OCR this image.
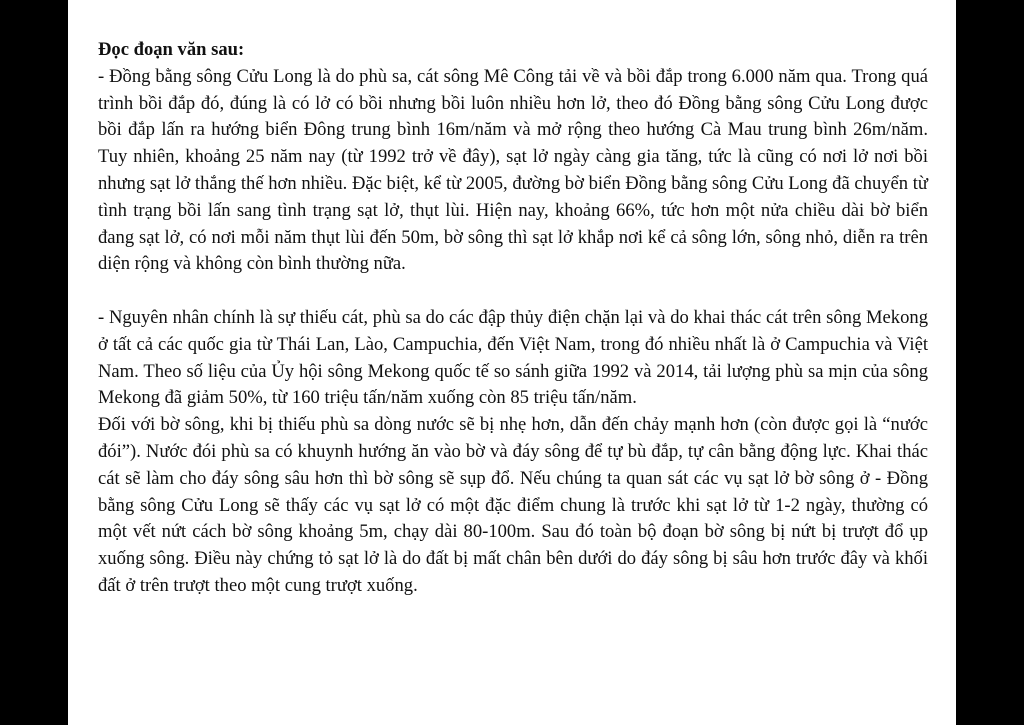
Đọc đoạn văn sau:

- Đồng bằng sông Cửu Long là do phù sa, cát sông Mê Công tải về và bồi đắp trong 6.000 năm qua. Trong quá trình bồi đắp đó, đúng là có lở có bồi nhưng bồi luôn nhiều hơn lở, theo đó Đồng bằng sông Cửu Long được bồi đắp lấn ra hướng biển Đông trung bình 16m/năm và mở rộng theo hướng Cà Mau trung bình 26m/năm. Tuy nhiên, khoảng 25 năm nay (từ 1992 trở về đây), sạt lở ngày càng gia tăng, tức là cũng có nơi lở nơi bồi nhưng sạt lở thắng thế hơn nhiều. Đặc biệt, kể từ 2005, đường bờ biển Đồng bằng sông Cửu Long đã chuyển từ tình trạng bồi lấn sang tình trạng sạt lở, thụt lùi. Hiện nay, khoảng 66%, tức hơn một nửa chiều dài bờ biển đang sạt lở, có nơi mỗi năm thụt lùi đến 50m, bờ sông thì sạt lở khắp nơi kể cả sông lớn, sông nhỏ, diễn ra trên diện rộng và không còn bình thường nữa.

- Nguyên nhân chính là sự thiếu cát, phù sa do các đập thủy điện chặn lại và do khai thác cát trên sông Mekong ở tất cả các quốc gia từ Thái Lan, Lào, Campuchia, đến Việt Nam, trong đó nhiều nhất là ở Campuchia và Việt Nam. Theo số liệu của Ủy hội sông Mekong quốc tế so sánh giữa 1992 và 2014, tải lượng phù sa mịn của sông Mekong đã giảm 50%, từ 160 triệu tấn/năm xuống còn 85 triệu tấn/năm.

Đối với bờ sông, khi bị thiếu phù sa dòng nước sẽ bị nhẹ hơn, dẫn đến chảy mạnh hơn (còn được gọi là “nước đói”). Nước đói phù sa có khuynh hướng ăn vào bờ và đáy sông để tự bù đắp, tự cân bằng động lực. Khai thác cát sẽ làm cho đáy sông sâu hơn thì bờ sông sẽ sụp đổ. Nếu chúng ta quan sát các vụ sạt lở bờ sông ở - Đồng bằng sông Cửu Long sẽ thấy các vụ sạt lở có một đặc điểm chung là trước khi sạt lở từ 1-2 ngày, thường có một vết nứt cách bờ sông khoảng 5m, chạy dài 80-100m. Sau đó toàn bộ đoạn bờ sông bị nứt bị trượt đổ ụp xuống sông. Điều này chứng tỏ sạt lở là do đất bị mất chân bên dưới do đáy sông bị sâu hơn trước đây và khối đất ở trên trượt theo một cung trượt xuống.
